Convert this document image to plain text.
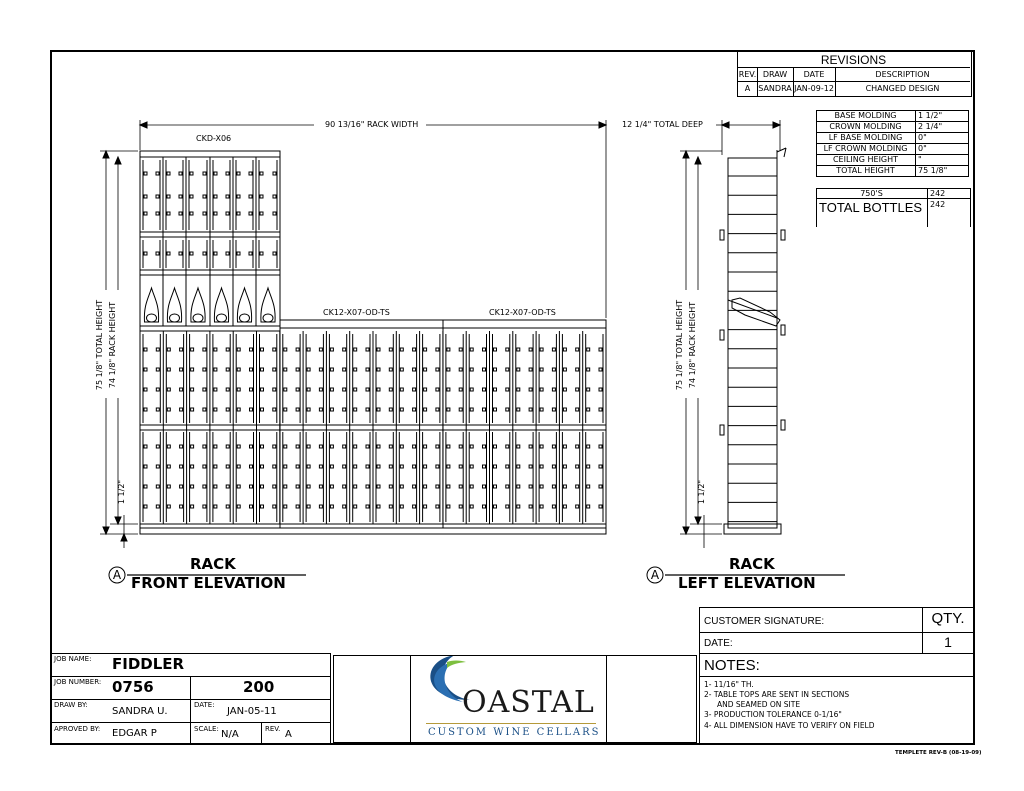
REVISIONS
REV. DRAW	DATE	DESCRIPTION
A SANDRA JAN-09-12	CHANGED DESIGN
BASE MOLDING	1 1/2"
CROWN MOLDING	2 1/4"
LF BASE MOLDING	0"
LF CROWN MOLDING	0"
CEILING HEIGHT	"
TOTAL HEIGHT	75 1/8"
750'S	242
TOTAL BOTTLES 242
90 13/16" RACK WIDTH
CKD-X06
CK12-X07-OD-TS	CK12-X07-OD-TS
75 1/8" TOTAL HEIGHT 74 1/8" RACK HEIGHT
1 1/2"
A
RACK
FRONT ELEVATION
12 1/4" TOTAL DEEP
75 1/8" TOTAL HEIGHT 74 1/8" RACK HEIGHT
1 1/2"
A
RACK
LEFT ELEVATION
JOB NAME: FIDDLER
JOB NUMBER: 0756	200
DRAW BY:
SANDRA U.
DATE:
JAN-05-11
APROVED BY: EDGAR P	SCALE: N/A	REV. A
OASTAL
CUSTOM WINE CELLARS
CUSTOMER SIGNATURE:
DATE:
QTY.
1
NOTES:
1- 11/16" TH.
2- TABLE TOPS ARE SENT IN SECTIONS
AND SEAMED ON SITE
3- PRODUCTION TOLERANCE 0-1/16"
4- ALL DIMENSION HAVE TO VERIFY ON FIELD
TEMPLETE REV-B (08-19-09)
